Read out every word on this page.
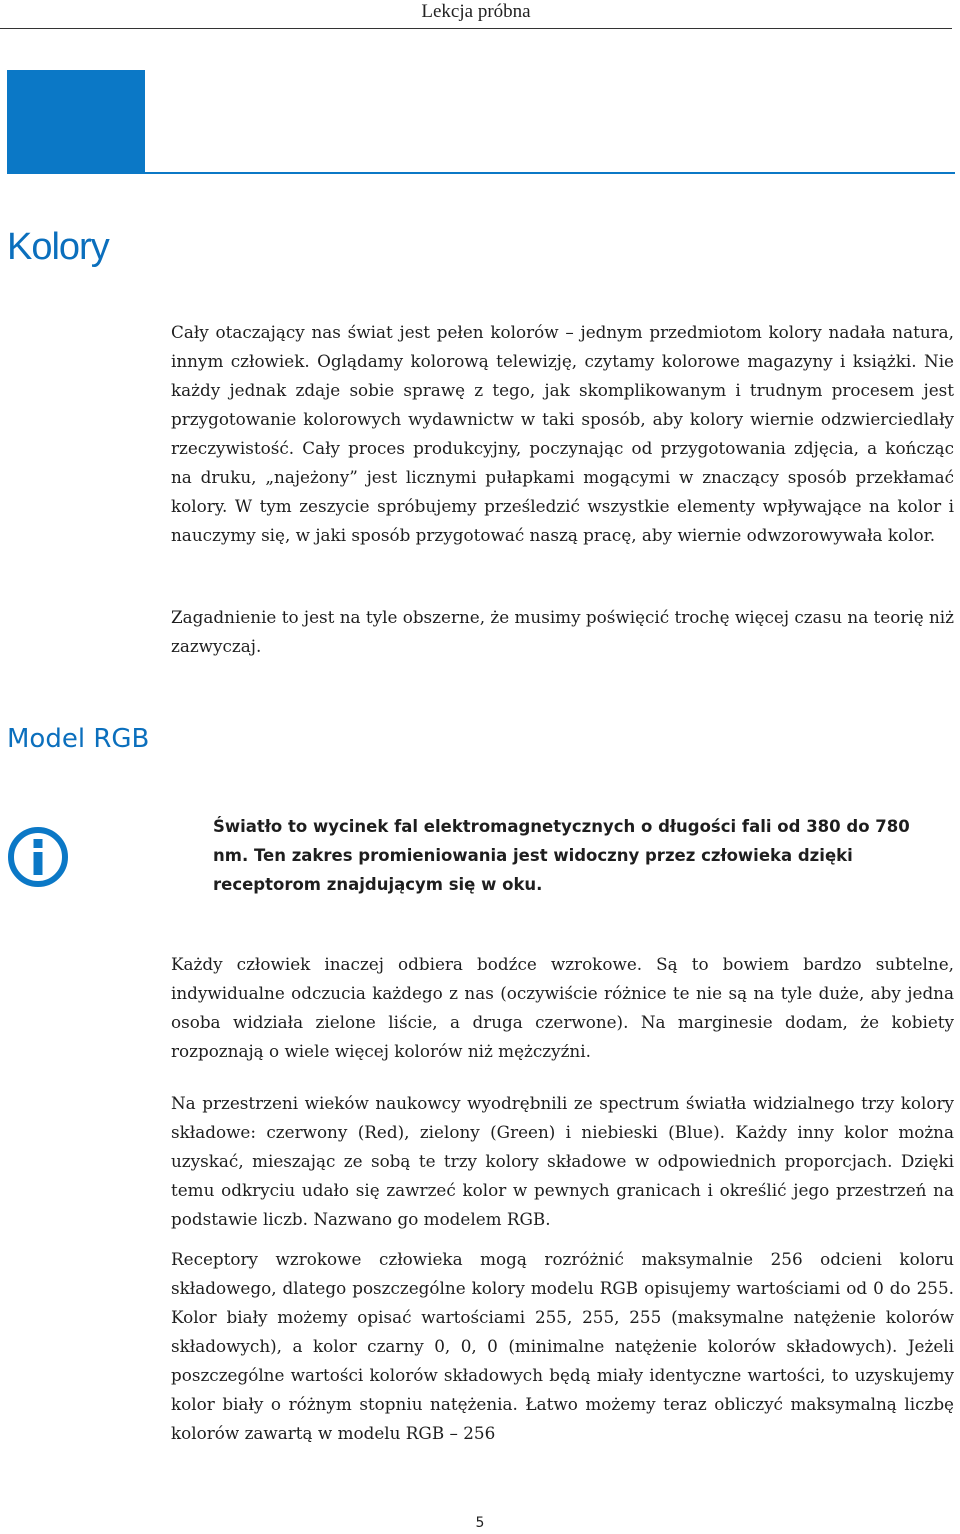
Lekcja próbna
Kolory

Cały otaczający nas świat jest pełen kolorów – jednym przedmiotom kolory nadała natura, innym człowiek. Oglądamy kolorową telewizję, czytamy kolorowe magazyny i książki. Nie każdy jednak zdaje sobie sprawę z tego, jak skomplikowanym i trudnym procesem jest przygotowanie kolorowych wydawnictw w taki sposób, aby kolory wiernie odzwierciedlały rzeczywistość. Cały proces produkcyjny, poczynając od przygotowania zdjęcia, a kończąc na druku, „najeżony” jest licznymi pułapkami mogącymi w znaczący sposób przekłamać kolory. W tym zeszycie spróbujemy prześledzić wszystkie elementy wpływające na kolor i nauczymy się, w jaki sposób przygotować naszą pracę, aby wiernie odwzorowywała kolor.

Zagadnienie to jest na tyle obszerne, że musimy poświęcić trochę więcej czasu na teorię niż zazwyczaj.

Model RGB

Światło to wycinek fal elektromagnetycznych o długości fali od 380 do 780 nm. Ten zakres promieniowania jest widoczny przez człowieka dzięki receptorom znajdującym się w oku.

Każdy człowiek inaczej odbiera bodźce wzrokowe. Są to bowiem bardzo subtelne, indywidualne odczucia każdego z nas (oczywiście różnice te nie są na tyle duże, aby jedna osoba widziała zielone liście, a druga czerwone). Na marginesie dodam, że kobiety rozpoznają o wiele więcej kolorów niż mężczyźni.

Na przestrzeni wieków naukowcy wyodrębnili ze spectrum światła widzialnego trzy kolory składowe: czerwony (Red), zielony (Green) i niebieski (Blue). Każdy inny kolor można uzyskać, mieszając ze sobą te trzy kolory składowe w odpowiednich proporcjach. Dzięki temu odkryciu udało się zawrzeć kolor w pewnych granicach i określić jego przestrzeń na podstawie liczb. Nazwano go modelem RGB.

Receptory wzrokowe człowieka mogą rozróżnić maksymalnie 256 odcieni koloru składowego, dlatego poszczególne kolory modelu RGB opisujemy wartościami od 0 do 255. Kolor biały możemy opisać wartościami 255, 255, 255 (maksymalne natężenie kolorów składowych), a kolor czarny 0, 0, 0 (minimalne natężenie kolorów składowych). Jeżeli poszczególne wartości kolorów składowych będą miały identyczne wartości, to uzyskujemy kolor biały o różnym stopniu natężenia. Łatwo możemy teraz obliczyć maksymalną liczbę kolorów zawartą w modelu RGB – 256

5
